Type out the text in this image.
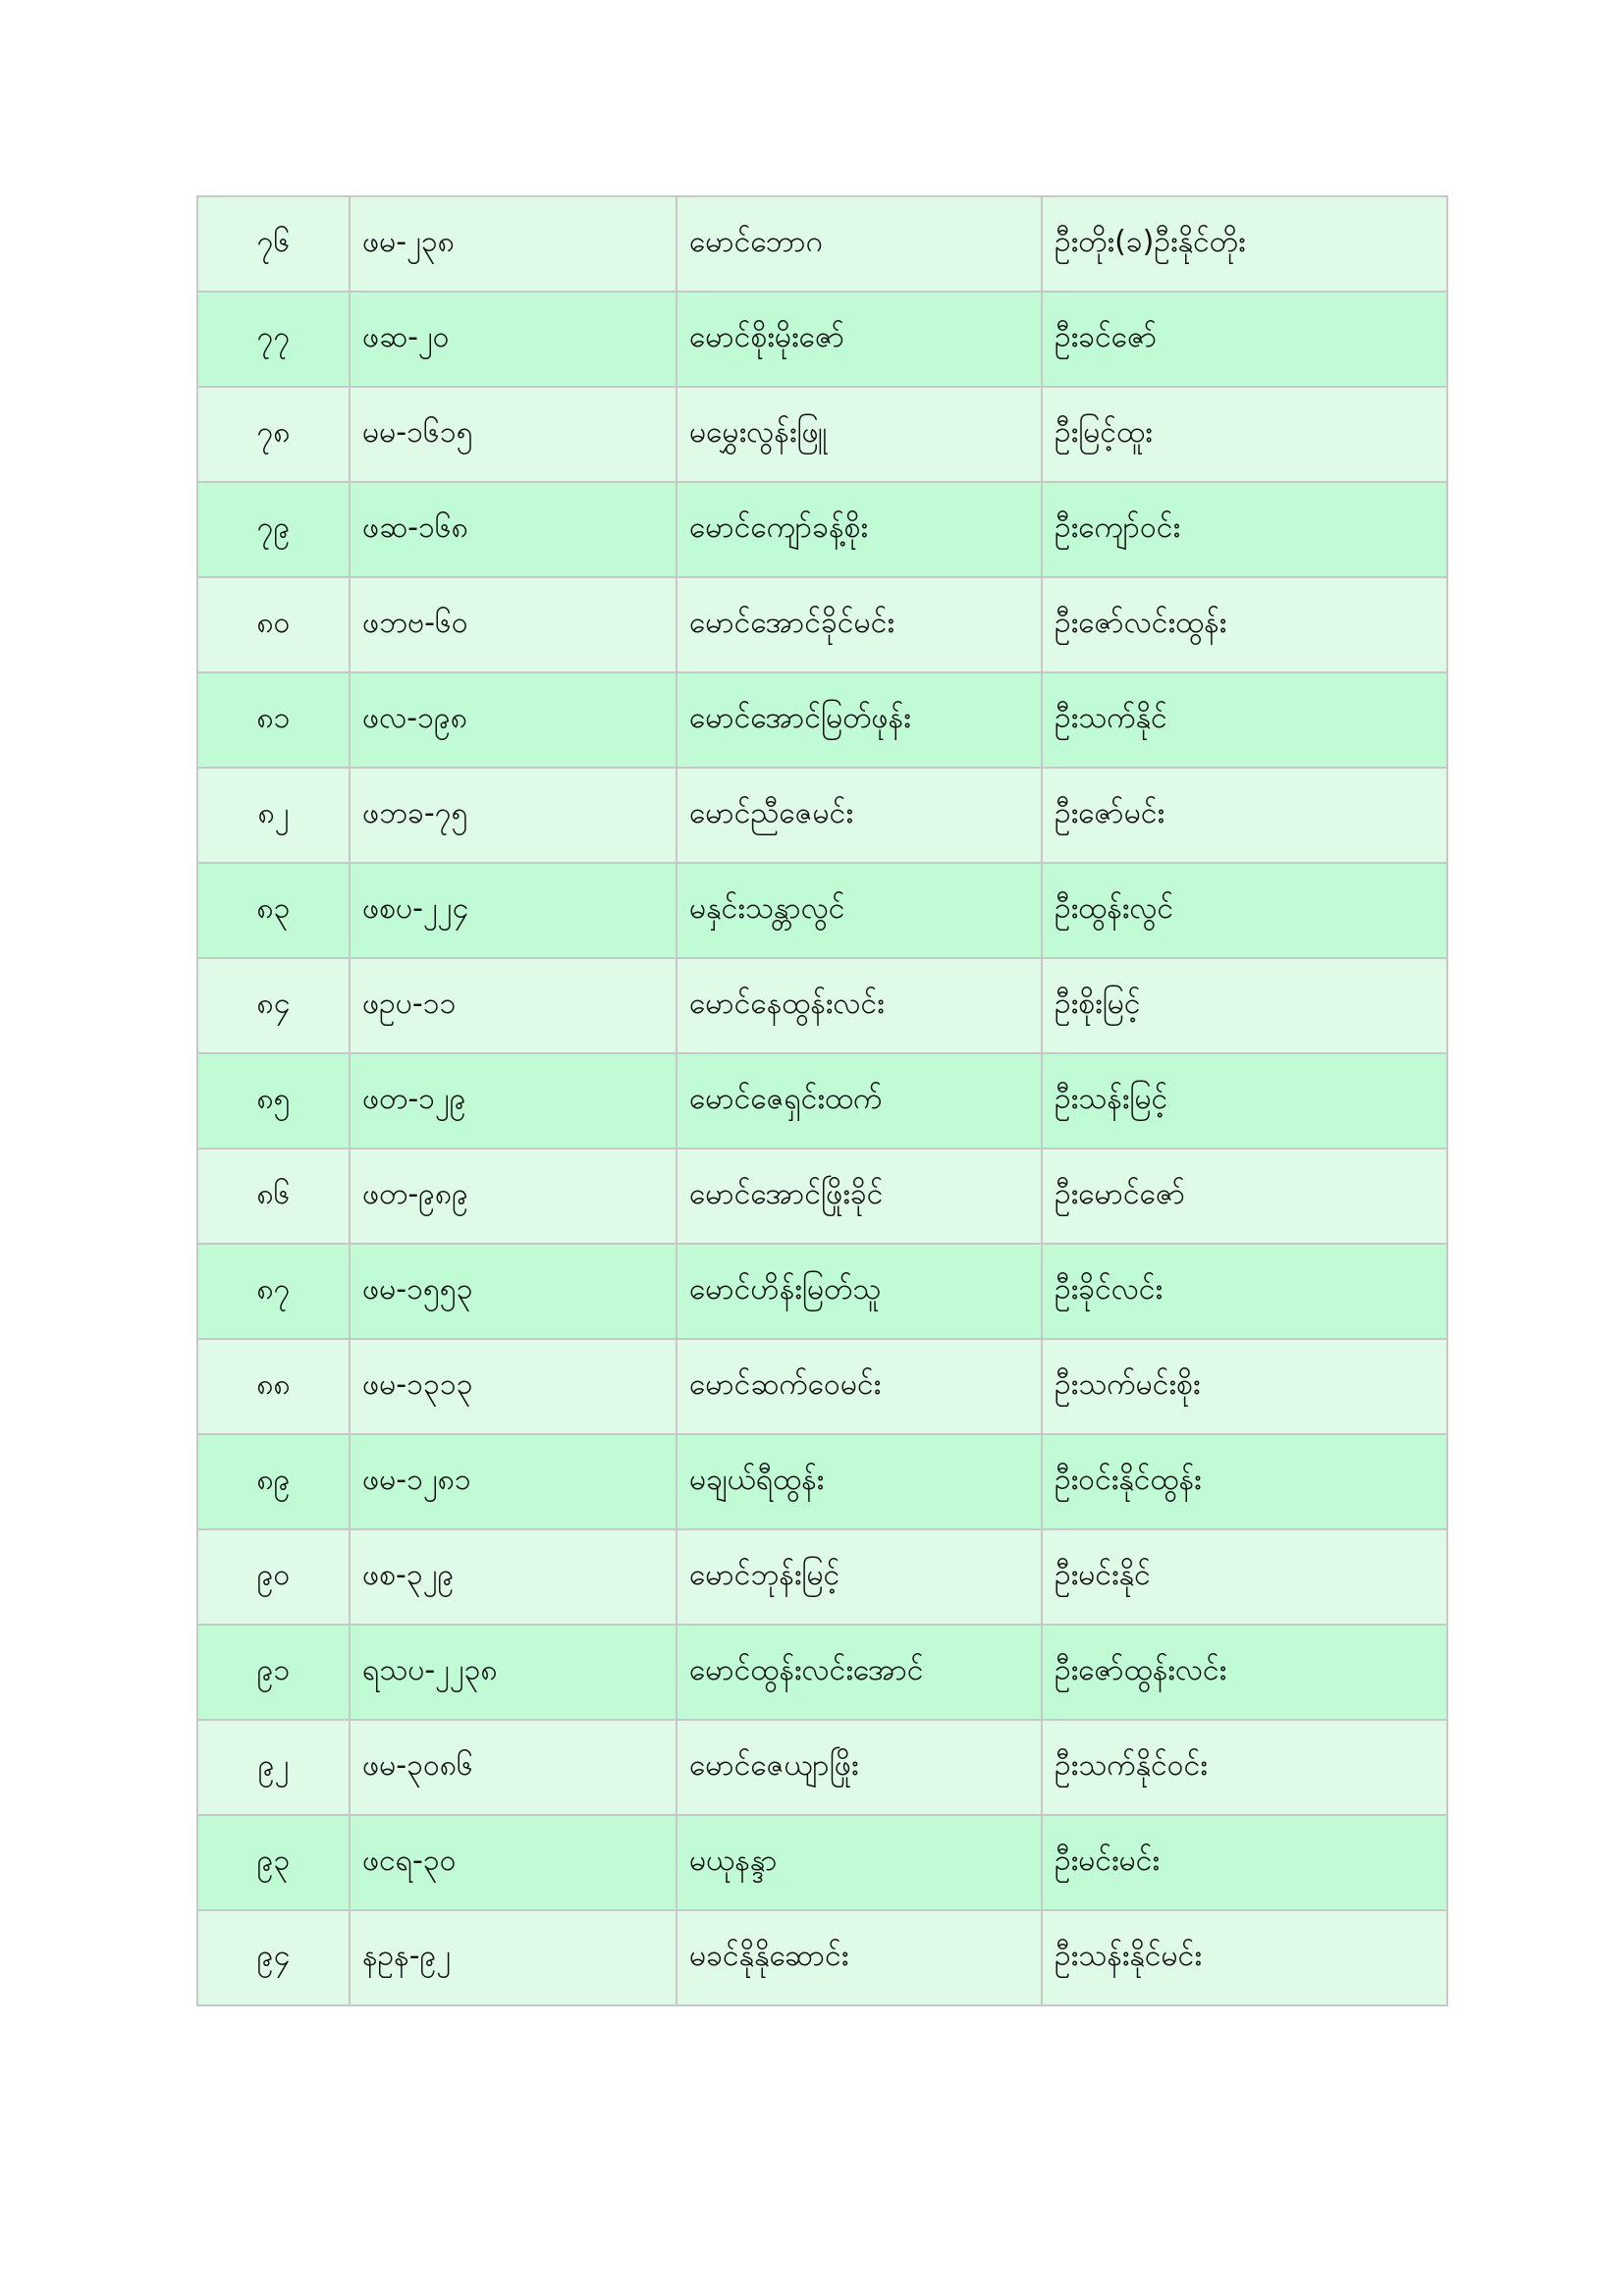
၇၆	ဖမ-၂၃၈	မောင်ဘောဂ	ဦးတိုး(ခ)ဦးနိုင်တိုး
၇၇	ဖဆ-၂၀	မောင်စိုးမိုးဇော်	ဦးခင်ဇော်
၇၈	မမ-၁၆၁၅	မမွှေးလွန်းဖြူ	ဦးမြင့်ထူး
၇၉	ဖဆ-၁၆၈	မောင်ကျော်ခန့်စိုး	ဦးကျော်ဝင်း
၈၀	ဖဘဗ-၆၀	မောင်အောင်ခိုင်မင်း	ဦးဇော်လင်းထွန်း
၈၁	ဖလ-၁၉၈	မောင်အောင်မြတ်ဖုန်း	ဦးသက်နိုင်
၈၂	ဖဘခ-၇၅	မောင်ညီဇေမင်း	ဦးဇော်မင်း
၈၃	ဖစပ-၂၂၄	မနှင်းသန္တာလွင်	ဦးထွန်းလွင်
၈၄	ဖဥပ-၁၁	မောင်နေထွန်းလင်း	ဦးစိုးမြင့်
၈၅	ဖတ-၁၂၉	မောင်ဇေရှင်းထက်	ဦးသန်းမြင့်
၈၆	ဖတ-၉၈၉	မောင်အောင်ဖြိုးခိုင်	ဦးမောင်ဇော်
၈၇	ဖမ-၁၅၅၃	မောင်ဟိန်းမြတ်သူ	ဦးခိုင်လင်း
၈၈	ဖမ-၁၃၁၃	မောင်ဆက်ဝေမင်း	ဦးသက်မင်းစိုး
၈၉	ဖမ-၁၂၈၁	မချယ်ရီထွန်း	ဦးဝင်းနိုင်ထွန်း
၉၀	ဖစ-၃၂၉	မောင်ဘုန်းမြင့်	ဦးမင်းနိုင်
၉၁	ရသပ-၂၂၃၈	မောင်ထွန်းလင်းအောင်	ဦးဇော်ထွန်းလင်း
၉၂	ဖမ-၃၀၈၆	မောင်ဇေယျာဖြိုး	ဦးသက်နိုင်ဝင်း
၉၃	ဖငရ-၃၀	မယုနန္ဒာ	ဦးမင်းမင်း
၉၄	နဥန-၉၂	မခင်နိုနိုဆောင်း	ဦးသန်းနိုင်မင်း
